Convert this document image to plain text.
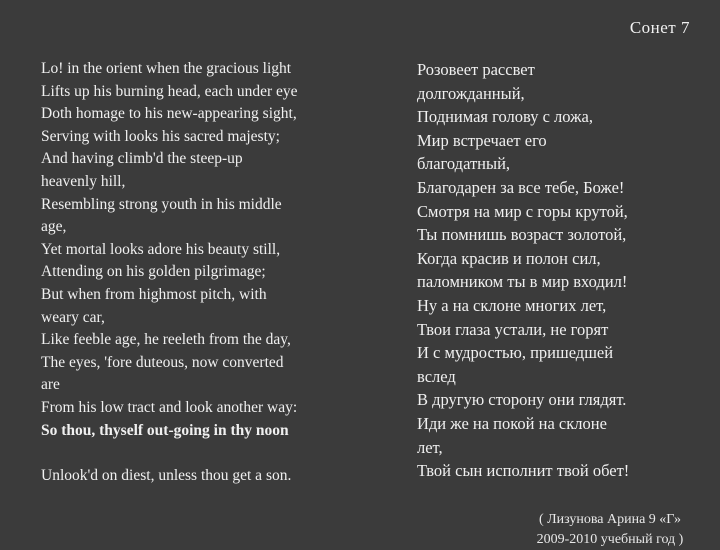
Сонет 7
Lo! in the orient when the gracious light
Lifts up his burning head, each under eye
Doth homage to his new-appearing sight,
Serving with looks his sacred majesty;
And having climb'd the steep-up
heavenly hill,
Resembling strong youth in his middle
age,
Yet mortal looks adore his beauty still,
Attending on his golden pilgrimage;
But when from highmost pitch, with
weary car,
Like feeble age, he reeleth from the day,
The eyes, 'fore duteous, now converted
are
From his low tract and look another way:
So thou, thyself out-going in thy noon
Unlook'd on diest, unless thou get a son.
Розовеет рассвет
долгожданный,
Поднимая голову с ложа,
Мир встречает его
благодатный,
Благодарен за все тебе, Боже!
Смотря на мир с горы крутой,
Ты помнишь возраст золотой,
Когда красив и полон сил,
паломником ты в мир входил!
Ну а на склоне многих лет,
Твои глаза устали, не горят
И с мудростью, пришедшей
вслед
В другую сторону они глядят.
Иди же на покой на склоне
лет,
Твой сын исполнит твой обет!
( Лизунова Арина 9 «Г»
2009-2010 учебный год )
